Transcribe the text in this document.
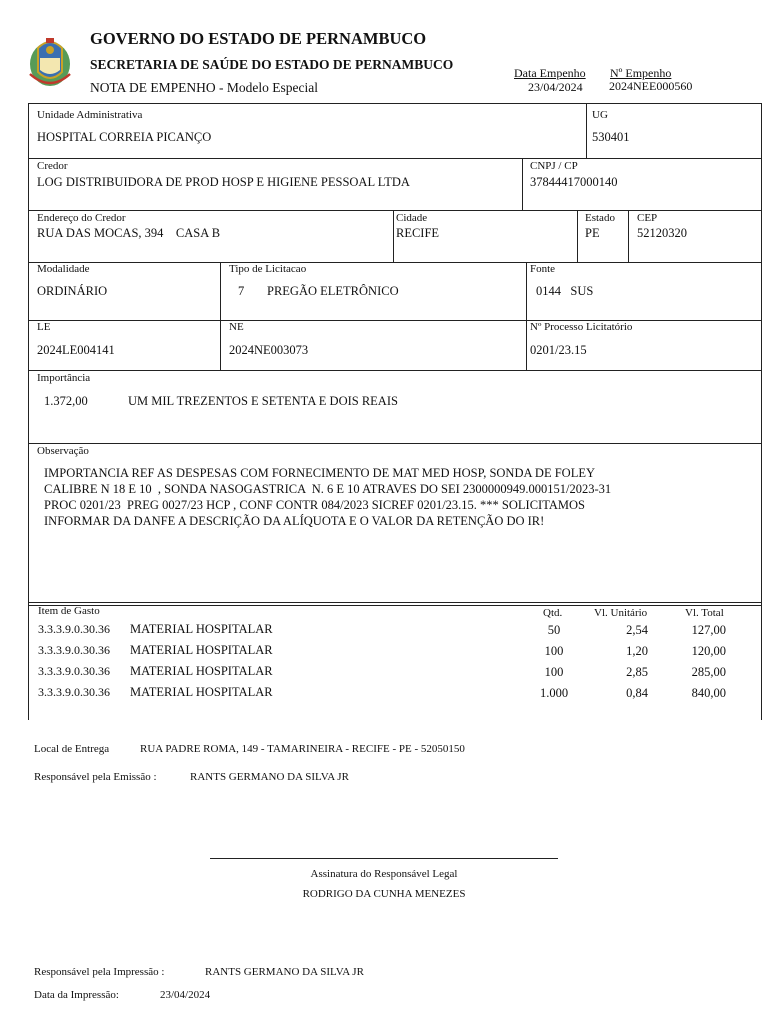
GOVERNO DO ESTADO DE PERNAMBUCO
SECRETARIA DE SAÚDE DO ESTADO DE PERNAMBUCO
NOTA DE EMPENHO - Modelo Especial
Data Empenho
23/04/2024
Nº Empenho
2024NEE000560
Unidade Administrativa
HOSPITAL CORREIA PICANÇO
UG
530401
Credor
LOG DISTRIBUIDORA DE PROD HOSP E HIGIENE PESSOAL LTDA
CNPJ / CP
37844417000140
Endereço do Credor
RUA DAS MOCAS, 394    CASA B
Cidade
RECIFE
Estado
PE
CEP
52120320
Modalidade
ORDINÁRIO
Tipo de Licitacao
7 PREGÃO ELETRÔNICO
Fonte
0144   SUS
LE
2024LE004141
NE
2024NE003073
Nº Processo Licitatório
0201/23.15
Importância
1.372,00	UM MIL TREZENTOS E SETENTA E DOIS REAIS
Observação
IMPORTANCIA REF AS DESPESAS COM FORNECIMENTO DE MAT MED HOSP, SONDA DE FOLEY
CALIBRE N 18 E 10  , SONDA NASOGASTRICA  N. 6 E 10 ATRAVES DO SEI 2300000949.000151/2023-31
PROC 0201/23  PREG 0027/23 HCP , CONF CONTR 084/2023 SICREF 0201/23.15. *** SOLICITAMOS
INFORMAR DA DANFE A DESCRIÇÃO DA ALÍQUOTA E O VALOR DA RETENÇÃO DO IR!
Item de Gasto	Qtd.	Vl. Unitário	Vl. Total
3.3.3.9.0.30.36 MATERIAL HOSPITALAR	50	2,54	127,00
3.3.3.9.0.30.36 MATERIAL HOSPITALAR	100	1,20	120,00
3.3.3.9.0.30.36 MATERIAL HOSPITALAR	100	2,85	285,00
3.3.3.9.0.30.36 MATERIAL HOSPITALAR	1.000	0,84	840,00
Local de Entrega	RUA PADRE ROMA, 149 - TAMARINEIRA - RECIFE - PE - 52050150
Responsável pela Emissão :	RANTS GERMANO DA SILVA JR
Assinatura do Responsável Legal
RODRIGO DA CUNHA MENEZES
Responsável pela Impressão :	RANTS GERMANO DA SILVA JR
Data da Impressão:	23/04/2024
